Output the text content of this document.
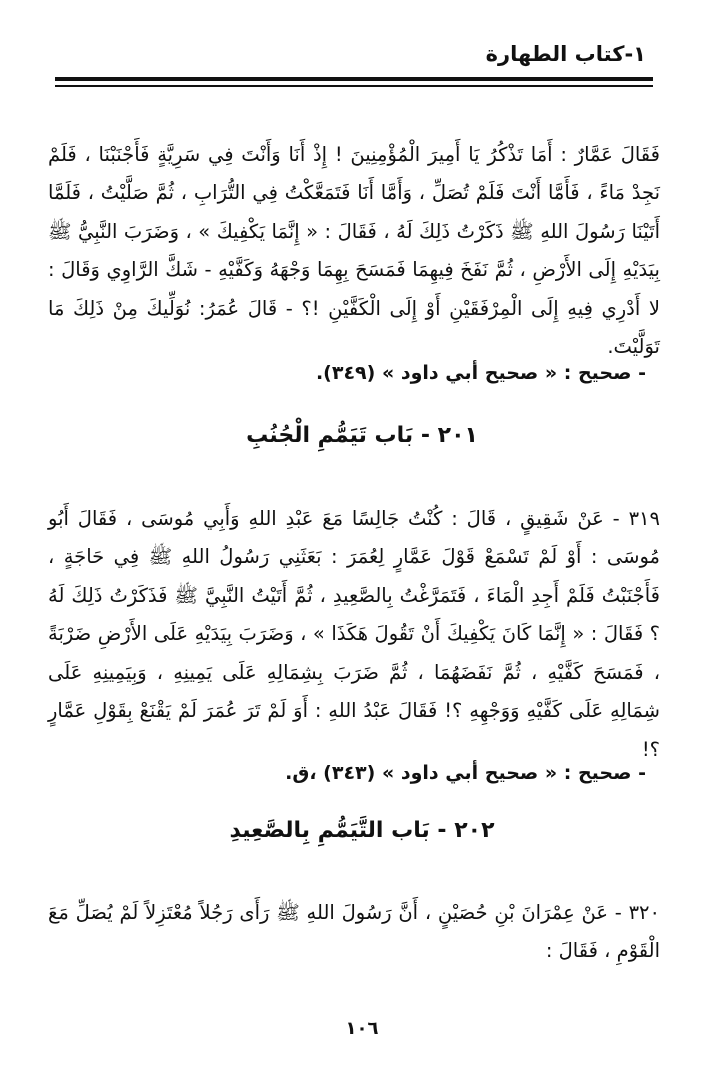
١-كتاب الطهارة

فَقَالَ عَمَّارٌ : أَمَا تَذْكُرُ يَا أَمِيرَ الْمُؤْمِنِينَ ! إِذْ أَنَا وَأَنْتَ فِي سَرِيَّةٍ فَأَجْنَبْنَا ، فَلَمْ نَجِدْ مَاءً ، فَأَمَّا أَنْتَ فَلَمْ تُصَلِّ ، وَأَمَّا أَنَا فَتَمَعَّكْتُ فِي التُّرَابِ ، ثُمَّ صَلَّيْتُ ، فَلَمَّا أَتَيْنَا رَسُولَ اللهِ ﷺ ذَكَرْتُ ذَلِكَ لَهُ ، فَقَالَ : « إِنَّمَا يَكْفِيكَ » ، وَضَرَبَ النَّبِيُّ ﷺ بِيَدَيْهِ إِلَى الأَرْضِ ، ثُمَّ نَفَخَ فِيهِمَا فَمَسَحَ بِهِمَا وَجْهَهُ وَكَفَّيْهِ - شَكَّ الرَّاوِي وَقَالَ : لا أَدْرِي فِيهِ إِلَى الْمِرْفَقَيْنِ أَوْ إِلَى الْكَفَّيْنِ !؟ - قَالَ عُمَرُ: نُوَلِّيكَ مِنْ ذَلِكَ مَا تَوَلَّيْتَ.

- صحيح : « صحيح أبي داود » (٣٤٩).
٢٠١ - بَاب تَيَمُّمِ الْجُنُبِ

٣١٩ - عَنْ شَقِيقٍ ، قَالَ : كُنْتُ جَالِسًا مَعَ عَبْدِ اللهِ وَأَبِي مُوسَى ، فَقَالَ أَبُو مُوسَى : أَوْ لَمْ تَسْمَعْ قَوْلَ عَمَّارٍ لِعُمَرَ : بَعَثَنِي رَسُولُ اللهِ ﷺ فِي حَاجَةٍ ، فَأَجْنَبْتُ فَلَمْ أَجِدِ الْمَاءَ ، فَتَمَرَّغْتُ بِالصَّعِيدِ ، ثُمَّ أَتَيْتُ النَّبِيَّ ﷺ فَذَكَرْتُ ذَلِكَ لَهُ ؟ فَقَالَ : « إِنَّمَا كَانَ يَكْفِيكَ أَنْ تَقُولَ هَكَذَا » ، وَضَرَبَ بِيَدَيْهِ عَلَى الأَرْضِ ضَرْبَةً ، فَمَسَحَ كَفَّيْهِ ، ثُمَّ نَفَضَهُمَا ، ثُمَّ ضَرَبَ بِشِمَالِهِ عَلَى يَمِينِهِ ، وَبِيَمِينِهِ عَلَى شِمَالِهِ عَلَى كَفَّيْهِ وَوَجْهِهِ ؟! فَقَالَ عَبْدُ اللهِ : أَوَ لَمْ تَرَ عُمَرَ لَمْ يَقْنَعْ بِقَوْلِ عَمَّارٍ ؟!

- صحيح : « صحيح أبي داود » (٣٤٣) ،ق.
٢٠٢ - بَاب التَّيَمُّمِ بِالصَّعِيدِ

٣٢٠ - عَنْ عِمْرَانَ بْنِ حُصَيْنٍ ، أَنَّ رَسُولَ اللهِ ﷺ رَأَى رَجُلاً مُعْتَزِلاً لَمْ يُصَلِّ مَعَ الْقَوْمِ ، فَقَالَ :

١٠٦
